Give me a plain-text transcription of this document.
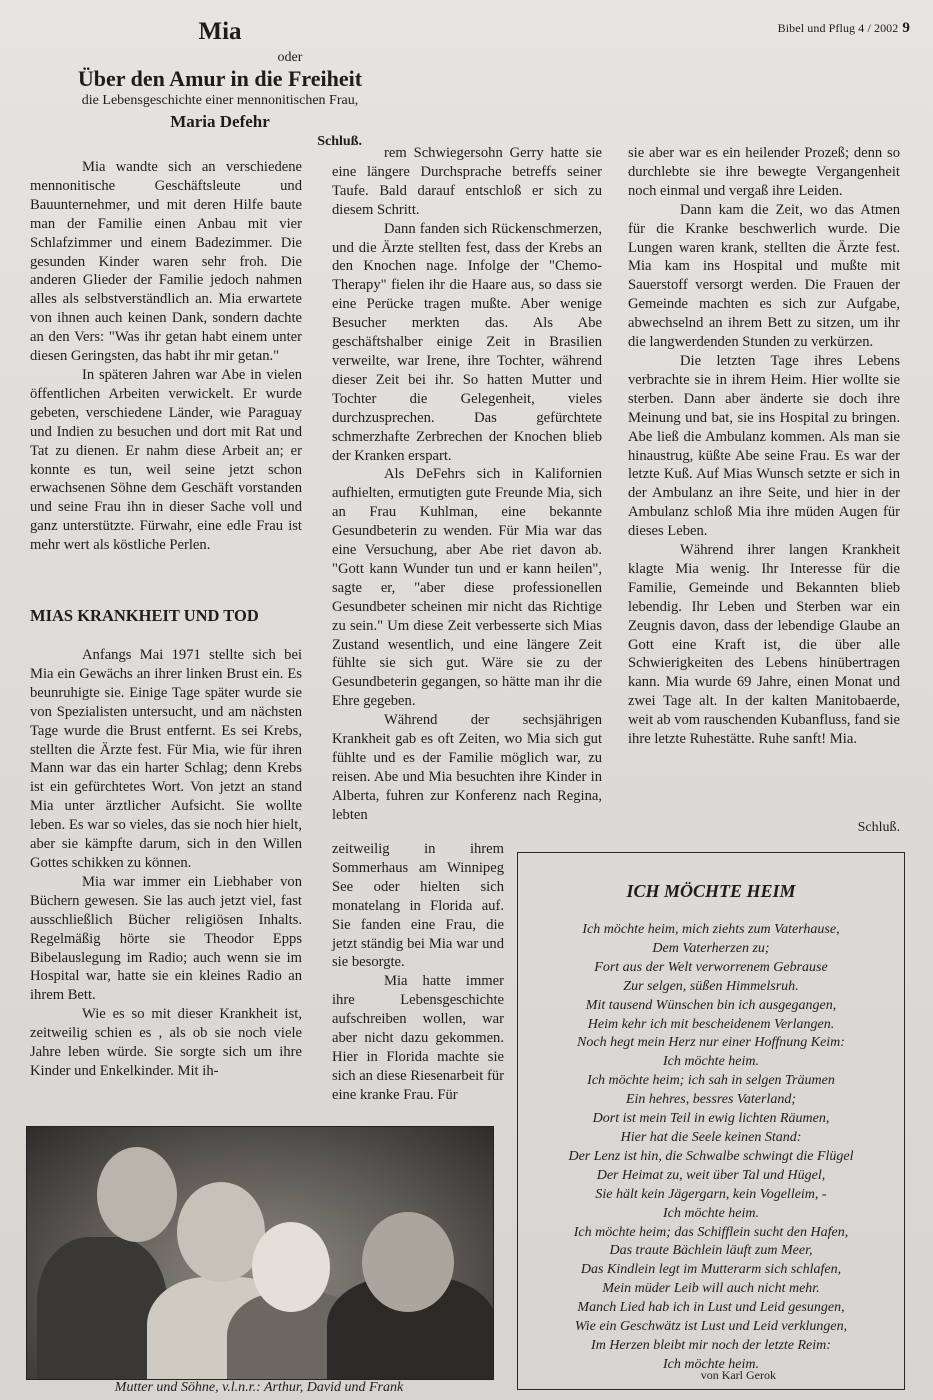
Bibel und Pflug 4 / 2002 9
Mia
oder
Über den Amur in die Freiheit
die Lebensgeschichte einer mennonitischen Frau,
Maria Defehr
Schluß.

Mia wandte sich an verschiedene mennonitische Geschäftsleute und Bauunternehmer, und mit deren Hilfe baute man der Familie einen Anbau mit vier Schlafzimmer und einem Badezimmer. Die gesunden Kinder waren sehr froh. Die anderen Glieder der Familie jedoch nahmen alles als selbstverständlich an. Mia erwartete von ihnen auch keinen Dank, sondern dachte an den Vers: "Was ihr getan habt einem unter diesen Geringsten, das habt ihr mir getan."

In späteren Jahren war Abe in vielen öffentlichen Arbeiten verwickelt. Er wurde gebeten, verschiedene Länder, wie Paraguay und Indien zu besuchen und dort mit Rat und Tat zu dienen. Er nahm diese Arbeit an; er konnte es tun, weil seine jetzt schon erwachsenen Söhne dem Geschäft vorstanden und seine Frau ihn in dieser Sache voll und ganz unterstützte. Fürwahr, eine edle Frau ist mehr wert als köstliche Perlen.

MIAS KRANKHEIT UND TOD

Anfangs Mai 1971 stellte sich bei Mia ein Gewächs an ihrer linken Brust ein. Es beunruhigte sie. Einige Tage später wurde sie von Spezialisten untersucht, und am nächsten Tage wurde die Brust entfernt. Es sei Krebs, stellten die Ärzte fest. Für Mia, wie für ihren Mann war das ein harter Schlag; denn Krebs ist ein gefürchtetes Wort. Von jetzt an stand Mia unter ärztlicher Aufsicht. Sie wollte leben. Es war so vieles, das sie noch hier hielt, aber sie kämpfte darum, sich in den Willen Gottes schikken zu können.

Mia war immer ein Liebhaber von Büchern gewesen. Sie las auch jetzt viel, fast ausschließlich Bücher religiösen Inhalts. Regelmäßig hörte sie Theodor Epps Bibelauslegung im Radio; auch wenn sie im Hospital war, hatte sie ein kleines Radio an ihrem Bett.

Wie es so mit dieser Krankheit ist, zeitweilig schien es , als ob sie noch viele Jahre leben würde. Sie sorgte sich um ihre Kinder und Enkelkinder. Mit ih-

rem Schwiegersohn Gerry hatte sie eine längere Durchsprache betreffs seiner Taufe. Bald darauf entschloß er sich zu diesem Schritt.

Dann fanden sich Rückenschmerzen, und die Ärzte stellten fest, dass der Krebs an den Knochen nage. Infolge der "Chemo-Therapy" fielen ihr die Haare aus, so dass sie eine Perücke tragen mußte. Aber wenige Besucher merkten das. Als Abe geschäftshalber einige Zeit in Brasilien verweilte, war Irene, ihre Tochter, während dieser Zeit bei ihr. So hatten Mutter und Tochter die Gelegenheit, vieles durchzusprechen. Das gefürchtete schmerzhafte Zerbrechen der Knochen blieb der Kranken erspart.

Als DeFehrs sich in Kalifornien aufhielten, ermutigten gute Freunde Mia, sich an Frau Kuhlman, eine bekannte Gesundbeterin zu wenden. Für Mia war das eine Versuchung, aber Abe riet davon ab. "Gott kann Wunder tun und er kann heilen", sagte er, "aber diese professionellen Gesundbeter scheinen mir nicht das Richtige zu sein." Um diese Zeit verbesserte sich Mias Zustand wesentlich, und eine längere Zeit fühlte sie sich gut. Wäre sie zu der Gesundbeterin gegangen, so hätte man ihr die Ehre gegeben.

Während der sechsjährigen Krankheit gab es oft Zeiten, wo Mia sich gut fühlte und es der Familie möglich war, zu reisen. Abe und Mia besuchten ihre Kinder in Alberta, fuhren zur Konferenz nach Regina, lebten

zeitweilig in ihrem Sommerhaus am Winnipeg See oder hielten sich monatelang in Florida auf. Sie fanden eine Frau, die jetzt ständig bei Mia war und sie besorgte.

Mia hatte immer ihre Lebensgeschichte aufschreiben wollen, war aber nicht dazu gekommen. Hier in Florida machte sie sich an diese Riesenarbeit für eine kranke Frau. Für

sie aber war es ein heilender Prozeß; denn so durchlebte sie ihre bewegte Vergangenheit noch einmal und vergaß ihre Leiden.

Dann kam die Zeit, wo das Atmen für die Kranke beschwerlich wurde. Die Lungen waren krank, stellten die Ärzte fest. Mia kam ins Hospital und mußte mit Sauerstoff versorgt werden. Die Frauen der Gemeinde machten es sich zur Aufgabe, abwechselnd an ihrem Bett zu sitzen, um ihr die langwerdenden Stunden zu verkürzen.

Die letzten Tage ihres Lebens verbrachte sie in ihrem Heim. Hier wollte sie sterben. Dann aber änderte sie doch ihre Meinung und bat, sie ins Hospital zu bringen. Abe ließ die Ambulanz kommen. Als man sie hinaustrug, küßte Abe seine Frau. Es war der letzte Kuß. Auf Mias Wunsch setzte er sich in der Ambulanz an ihre Seite, und hier in der Ambulanz schloß Mia ihre müden Augen für dieses Leben.

Während ihrer langen Krankheit klagte Mia wenig. Ihr Interesse für die Familie, Gemeinde und Bekannten blieb lebendig. Ihr Leben und Sterben war ein Zeugnis davon, dass der lebendige Glaube an Gott eine Kraft ist, die über alle Schwierigkeiten des Lebens hinübertragen kann. Mia wurde 69 Jahre, einen Monat und zwei Tage alt. In der kalten Manitobaerde, weit ab vom rauschenden Kubanfluss, fand sie ihre letzte Ruhestätte. Ruhe sanft! Mia.

Schluß.
ICH MÖCHTE HEIM
Ich möchte heim, mich ziehts zum Vaterhause,
Dem Vaterherzen zu;
Fort aus der Welt verworrenem Gebrause
Zur selgen, süßen Himmelsruh.
Mit tausend Wünschen bin ich ausgegangen,
Heim kehr ich mit bescheidenem Verlangen.
Noch hegt mein Herz nur einer Hoffnung Keim:
Ich möchte heim.
Ich möchte heim; ich sah in selgen Träumen
Ein hehres, bessres Vaterland;
Dort ist mein Teil in ewig lichten Räumen,
Hier hat die Seele keinen Stand:
Der Lenz ist hin, die Schwalbe schwingt die Flügel
Der Heimat zu, weit über Tal und Hügel,
Sie hält kein Jägergarn, kein Vogelleim, -
Ich möchte heim.
Ich möchte heim; das Schifflein sucht den Hafen,
Das traute Bächlein läuft zum Meer,
Das Kindlein legt im Mutterarm sich schlafen,
Mein müder Leib will auch nicht mehr.
Manch Lied hab ich in Lust und Leid gesungen,
Wie ein Geschwätz ist Lust und Leid verklungen,
Im Herzen bleibt mir noch der letzte Reim:
Ich möchte heim.
von Karl Gerok
Mutter und Söhne, v.l.n.r.: Arthur, David und Frank
